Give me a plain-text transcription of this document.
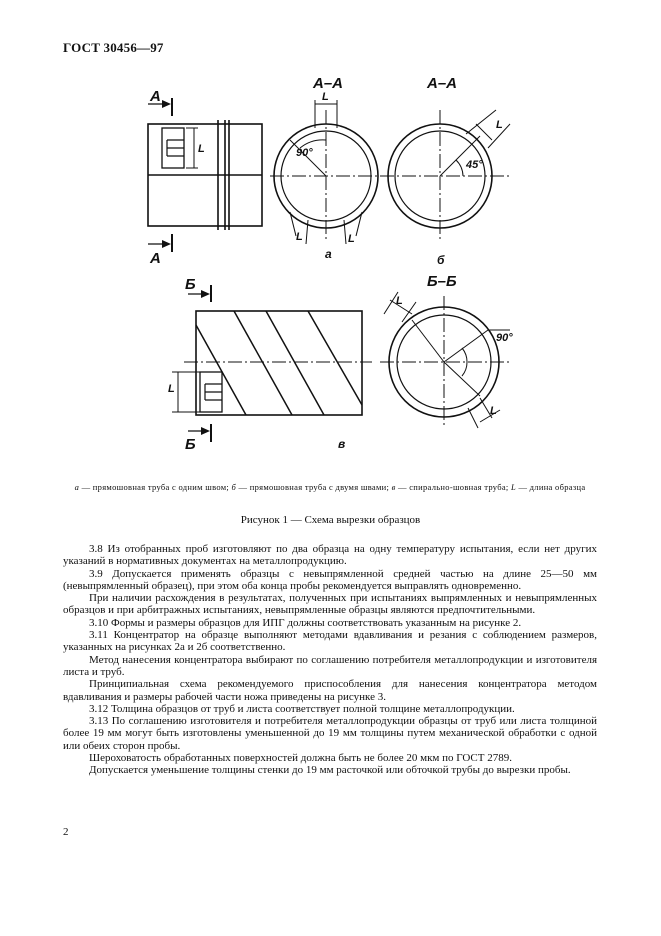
ГОСТ 30456—97
А
А
А–А	А–А
Б
Б
Б–Б
L
L
L	L
L
L
L
L
90°
45°
90°
а	б
в
а — прямошовная труба с одним швом; б — прямошовная труба с двумя швами; в — спирально-шовная труба; L — длина образца
Рисунок 1 — Схема вырезки образцов

3.8 Из отобранных проб изготовляют по два образца на одну температуру испытания, если нет других указаний в нормативных документах на металлопродукцию.

3.9 Допускается применять образцы с невыпрямленной средней частью на длине 25—50 мм (невыпрямленный образец), при этом оба конца пробы рекомендуется выправлять одновременно.

При наличии расхождения в результатах, полученных при испытаниях выпрямленных и невыпрямленных образцов и при арбитражных испытаниях, невыпрямленные образцы являются предпочтительными.

3.10 Формы и размеры образцов для ИПГ должны соответствовать указанным на рисунке 2.

3.11 Концентратор на образце выполняют методами вдавливания и резания с соблюдением размеров, указанных на рисунках 2а и 2б соответственно.

Метод нанесения концентратора выбирают по соглашению потребителя металлопродукции и изготовителя листа и труб.

Принципиальная схема рекомендуемого приспособления для нанесения концентратора методом вдавливания и размеры рабочей части ножа приведены на рисунке 3.

3.12 Толщина образцов от труб и листа соответствует полной толщине металлопродукции.

3.13 По соглашению изготовителя и потребителя металлопродукции образцы от труб или листа толщиной более 19 мм могут быть изготовлены уменьшенной до 19 мм толщины путем механической обработки с одной или обеих сторон пробы.

Шероховатость обработанных поверхностей должна быть не более 20 мкм по ГОСТ 2789.

Допускается уменьшение толщины стенки до 19 мм расточкой или обточкой трубы до вырезки пробы.

2
